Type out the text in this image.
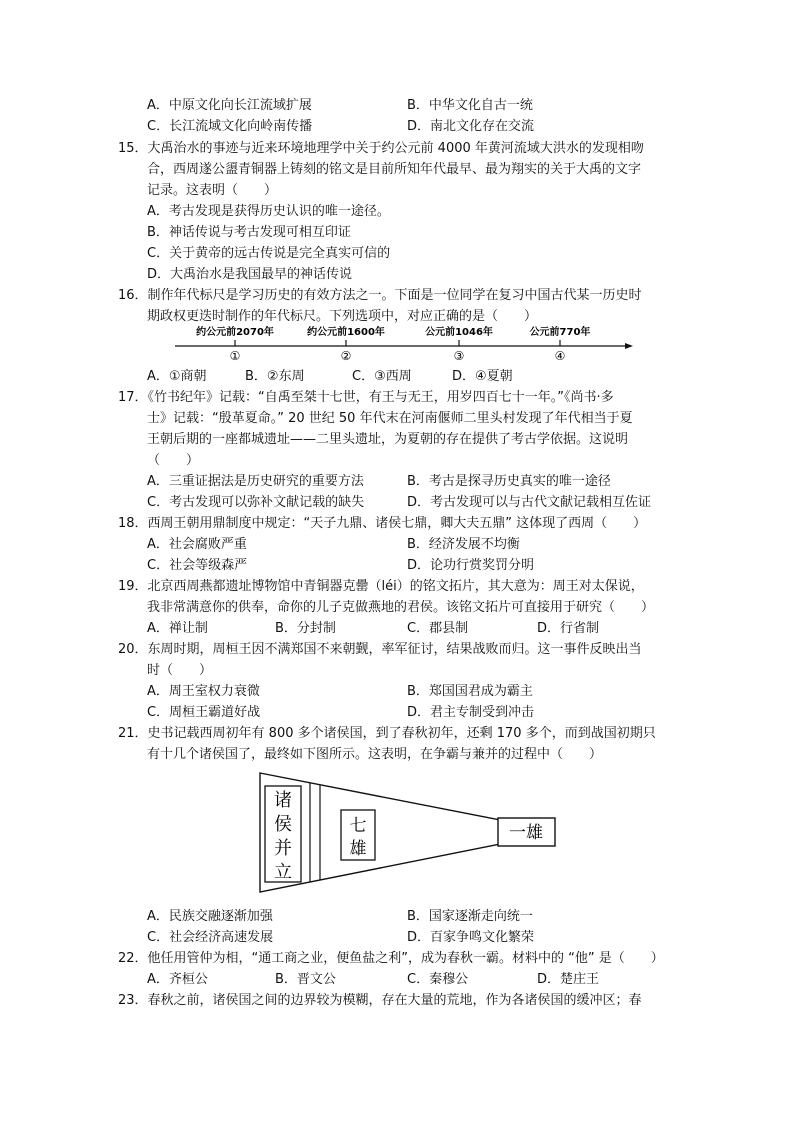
A．中原文化向长江流域扩展	B．中华文化自古一统
C．长江流域文化向岭南传播	D．南北文化存在交流
15．大禹治水的事迹与近来环境地理学中关于约公元前 4000 年黄河流域大洪水的发现相吻
合，西周遂公盨青铜器上铸刻的铭文是目前所知年代最早、最为翔实的关于大禹的文字
记录。这表明（　　）
A．考古发现是获得历史认识的唯一途径。
B．神话传说与考古发现可相互印证
C．关于黄帝的远古传说是完全真实可信的
D．大禹治水是我国最早的神话传说
16．制作年代标尺是学习历史的有效方法之一。下面是一位同学在复习中国古代某一历史时
期政权更迭时制作的年代标尺。下列选项中，对应正确的是（　　）
约公元前2070年	约公元前1600年	公元前1046年	公元前770年
①	②	③	④
A．①商朝	B．②东周	C．③西周	D．④夏朝
17．《竹书纪年》记载：“自禹至桀十七世，有王与无王，用岁四百七十一年。”《尚书·多
士》记载：“殷革夏命。” 20 世纪 50 年代末在河南偃师二里头村发现了年代相当于夏
王朝后期的一座都城遗址——二里头遗址，为夏朝的存在提供了考古学依据。这说明
（　　）
A．三重证据法是历史研究的重要方法	B．考古是探寻历史真实的唯一途径
C．考古发现可以弥补文献记载的缺失	D．考古发现可以与古代文献记载相互佐证
18．西周王朝用鼎制度中规定：“天子九鼎、诸侯七鼎，卿大夫五鼎” 这体现了西周（　　）
A．社会腐败严重	B．经济发展不均衡
C．社会等级森严	D．论功行赏奖罚分明
19．北京西周燕都遗址博物馆中青铜器克罍（léi）的铭文拓片，其大意为：周王对太保说，
我非常满意你的供奉，命你的儿子克做燕地的君侯。该铭文拓片可直接用于研究（　　）
A．禅让制	B．分封制	C．郡县制	D．行省制
20．东周时期，周桓王因不满郑国不来朝觐，率军征讨，结果战败而归。这一事件反映出当
时（　　）
A．周王室权力衰微	B．郑国国君成为霸主
C．周桓王霸道好战	D．君主专制受到冲击
21．史书记载西周初年有 800 多个诸侯国，到了春秋初年，还剩 170 多个，而到战国初期只
有十几个诸侯国了，最终如下图所示。这表明，在争霸与兼并的过程中（　　）
诸
侯
并
立
七
雄
一雄
A．民族交融逐渐加强	B．国家逐渐走向统一
C．社会经济高速发展	D．百家争鸣文化繁荣
22．他任用管仲为相，“通工商之业，便鱼盐之利”，成为春秋一霸。材料中的 “他” 是（　　）
A．齐桓公	B．晋文公	C．秦穆公	D．楚庄王
23．春秋之前，诸侯国之间的边界较为模糊，存在大量的荒地，作为各诸侯国的缓冲区；春
